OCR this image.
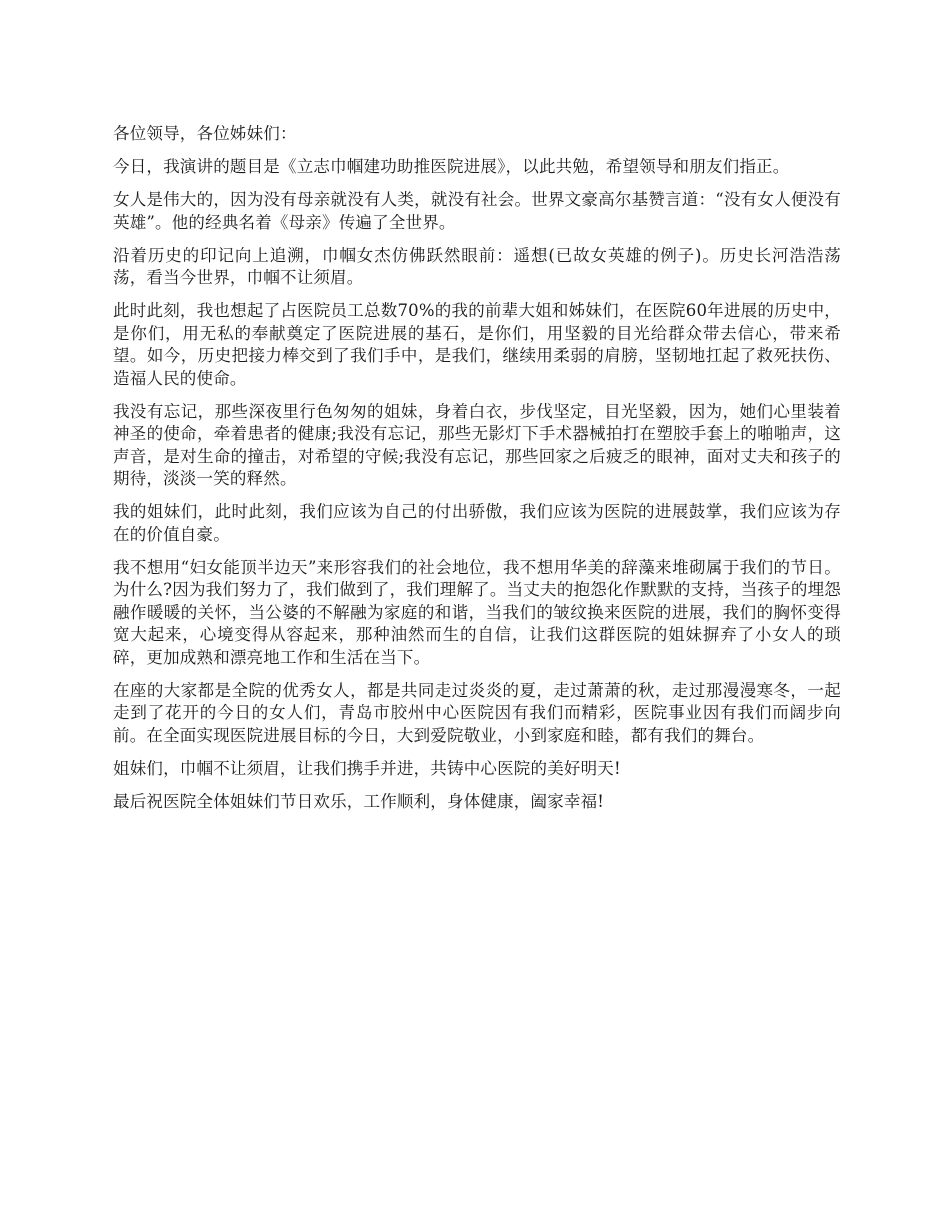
各位领导，各位姊妹们：

今日，我演讲的题目是《立志巾帼建功助推医院进展》，以此共勉，希望领导和朋友们指正。

女人是伟大的，因为没有母亲就没有人类，就没有社会。世界文豪高尔基赞言道：“没有女人便没有英雄”。他的经典名着《母亲》传遍了全世界。

沿着历史的印记向上追溯，巾帼女杰仿佛跃然眼前：遥想(已故女英雄的例子)。历史长河浩浩荡荡，看当今世界，巾帼不让须眉。

此时此刻，我也想起了占医院员工总数70%的我的前辈大姐和姊妹们，在医院60年进展的历史中，是你们，用无私的奉献奠定了医院进展的基石，是你们，用坚毅的目光给群众带去信心，带来希望。如今，历史把接力棒交到了我们手中，是我们，继续用柔弱的肩膀，坚韧地扛起了救死扶伤、造福人民的使命。

我没有忘记，那些深夜里行色匆匆的姐妹，身着白衣，步伐坚定，目光坚毅，因为，她们心里装着神圣的使命，牵着患者的健康;我没有忘记，那些无影灯下手术器械拍打在塑胶手套上的啪啪声，这声音，是对生命的撞击，对希望的守候;我没有忘记，那些回家之后疲乏的眼神，面对丈夫和孩子的期待，淡淡一笑的释然。

我的姐妹们，此时此刻，我们应该为自己的付出骄傲，我们应该为医院的进展鼓掌，我们应该为存在的价值自豪。

我不想用“妇女能顶半边天”来形容我们的社会地位，我不想用华美的辞藻来堆砌属于我们的节日。为什么?因为我们努力了，我们做到了，我们理解了。当丈夫的抱怨化作默默的支持，当孩子的埋怨融作暖暖的关怀，当公婆的不解融为家庭的和谐，当我们的皱纹换来医院的进展，我们的胸怀变得宽大起来，心境变得从容起来，那种油然而生的自信，让我们这群医院的姐妹摒弃了小女人的琐碎，更加成熟和漂亮地工作和生活在当下。

在座的大家都是全院的优秀女人，都是共同走过炎炎的夏，走过萧萧的秋，走过那漫漫寒冬，一起走到了花开的今日的女人们，青岛市胶州中心医院因有我们而精彩，医院事业因有我们而阔步向前。在全面实现医院进展目标的今日，大到爱院敬业，小到家庭和睦，都有我们的舞台。

姐妹们，巾帼不让须眉，让我们携手并进，共铸中心医院的美好明天!

最后祝医院全体姐妹们节日欢乐，工作顺利，身体健康，阖家幸福!
